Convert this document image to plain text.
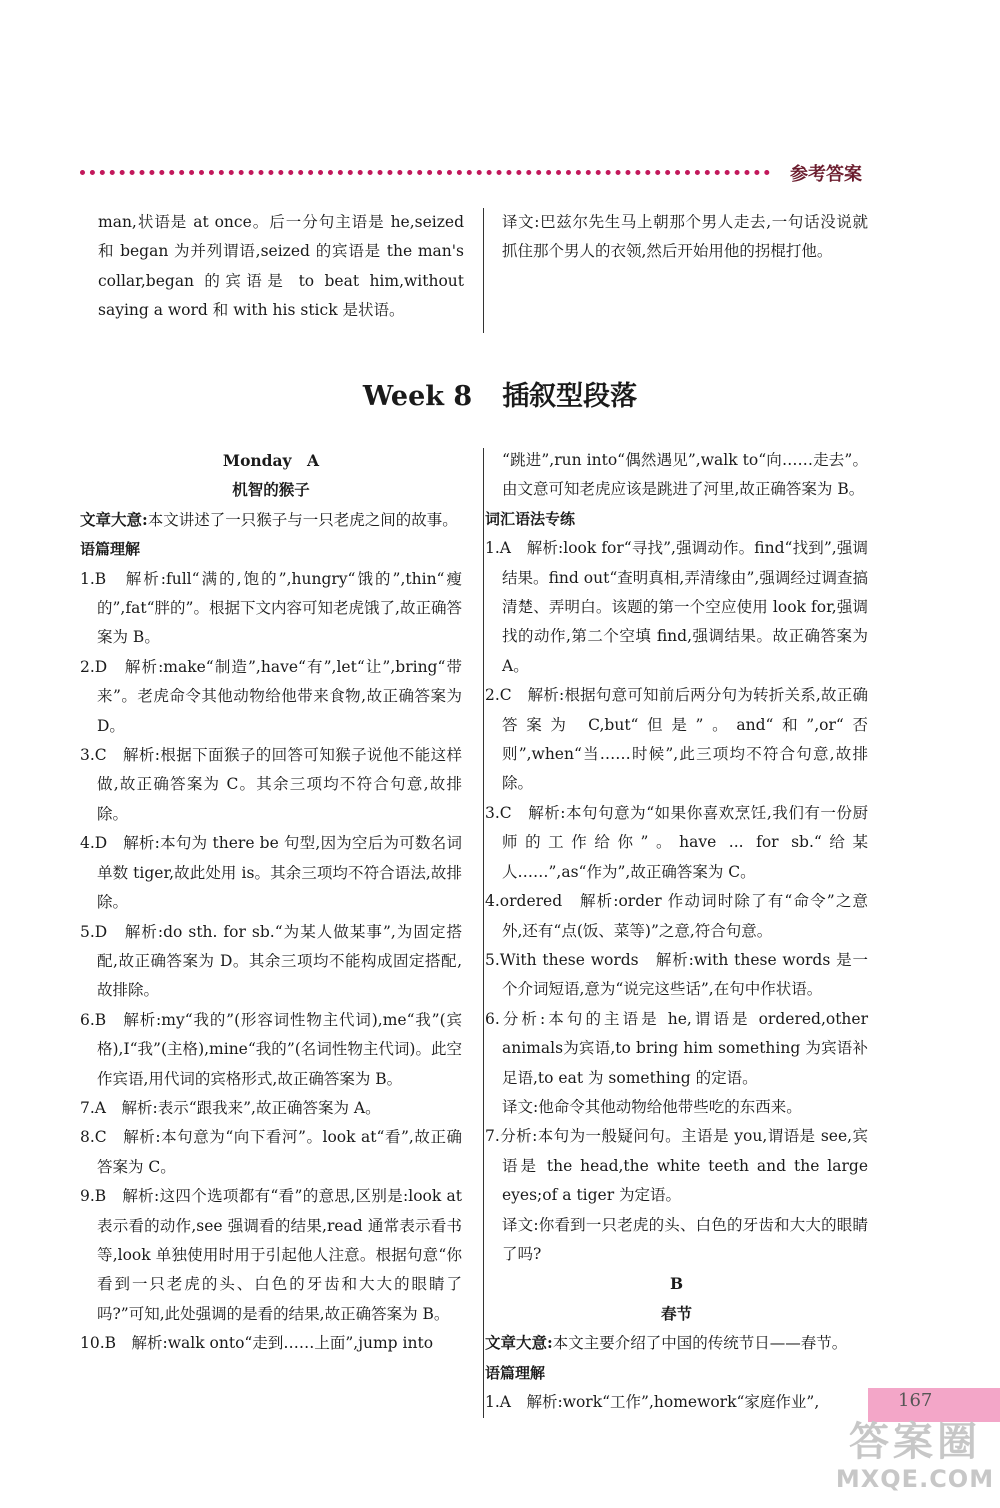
参考答案

man,状语是 at once。后一分句主语是 he,seized 和 began 为并列谓语,seized 的宾语是 the man's collar,began 的宾语是 to beat him,without saying a word 和 with his stick 是状语。

译文:巴兹尔先生马上朝那个男人走去,一句话没说就抓住那个男人的衣领,然后开始用他的拐棍打他。

Week 8 插叙型段落

Monday　A

机智的猴子

文章大意:本文讲述了一只猴子与一只老虎之间的故事。

语篇理解

1.B　解析:full“满的,饱的”,hungry“饿的”,thin“瘦的”,fat“胖的”。根据下文内容可知老虎饿了,故正确答案为 B。

2.D　解析:make“制造”,have“有”,let“让”,bring“带来”。老虎命令其他动物给他带来食物,故正确答案为 D。

3.C　解析:根据下面猴子的回答可知猴子说他不能这样做,故正确答案为 C。其余三项均不符合句意,故排除。

4.D　解析:本句为 there be 句型,因为空后为可数名词单数 tiger,故此处用 is。其余三项均不符合语法,故排除。

5.D　解析:do sth. for sb.“为某人做某事”,为固定搭配,故正确答案为 D。其余三项均不能构成固定搭配,故排除。

6.B　解析:my“我的”(形容词性物主代词),me“我”(宾格),I“我”(主格),mine“我的”(名词性物主代词)。此空作宾语,用代词的宾格形式,故正确答案为 B。

7.A　解析:表示“跟我来”,故正确答案为 A。

8.C　解析:本句意为“向下看河”。look at“看”,故正确答案为 C。

9.B　解析:这四个选项都有“看”的意思,区别是:look at 表示看的动作,see 强调看的结果,read 通常表示看书等,look 单独使用时用于引起他人注意。根据句意“你看到一只老虎的头、白色的牙齿和大大的眼睛了吗?”可知,此处强调的是看的结果,故正确答案为 B。

10.B　解析:walk onto“走到……上面”,jump into

“跳进”,run into“偶然遇见”,walk to“向……走去”。由文意可知老虎应该是跳进了河里,故正确答案为 B。

词汇语法专练

1.A　解析:look for“寻找”,强调动作。find“找到”,强调结果。find out“查明真相,弄清缘由”,强调经过调查搞清楚、弄明白。该题的第一个空应使用 look for,强调找的动作,第二个空填 find,强调结果。故正确答案为 A。

2.C　解析:根据句意可知前后两分句为转折关系,故正确答案为 C,but“但是”。and“和”,or“否则”,when“当……时候”,此三项均不符合句意,故排除。

3.C　解析:本句句意为“如果你喜欢烹饪,我们有一份厨师的工作给你”。have ... for sb.“给某人……”,as“作为”,故正确答案为 C。

4.ordered　解析:order 作动词时除了有“命令”之意外,还有“点(饭、菜等)”之意,符合句意。

5.With these words　解析:with these words 是一个介词短语,意为“说完这些话”,在句中作状语。

6.分析:本句的主语是 he,谓语是 ordered,other animals为宾语,to bring him something 为宾语补足语,to eat 为 something 的定语。

译文:他命令其他动物给他带些吃的东西来。

7.分析:本句为一般疑问句。主语是 you,谓语是 see,宾语是 the head,the white teeth and the large eyes;of a tiger 为定语。

译文:你看到一只老虎的头、白色的牙齿和大大的眼睛了吗?

B

春节

文章大意:本文主要介绍了中国的传统节日——春节。

语篇理解

1.A　解析:work“工作”,homework“家庭作业”,	167
答案圈
MXQE.COM
